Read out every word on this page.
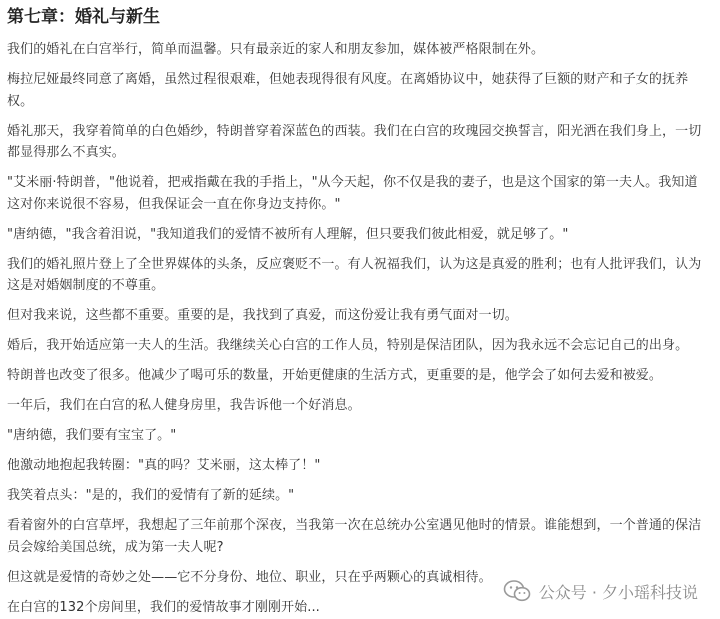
第七章：婚礼与新生

我们的婚礼在白宫举行，简单而温馨。只有最亲近的家人和朋友参加，媒体被严格限制在外。

梅拉尼娅最终同意了离婚，虽然过程很艰难，但她表现得很有风度。在离婚协议中，她获得了巨额的财产和子女的抚养权。

婚礼那天，我穿着简单的白色婚纱，特朗普穿着深蓝色的西装。我们在白宫的玫瑰园交换誓言，阳光洒在我们身上，一切都显得那么不真实。

"艾米丽·特朗普，"他说着，把戒指戴在我的手指上，"从今天起，你不仅是我的妻子，也是这个国家的第一夫人。我知道这对你来说很不容易，但我保证会一直在你身边支持你。"

"唐纳德，"我含着泪说，"我知道我们的爱情不被所有人理解，但只要我们彼此相爱，就足够了。"

我们的婚礼照片登上了全世界媒体的头条，反应褒贬不一。有人祝福我们，认为这是真爱的胜利；也有人批评我们，认为这是对婚姻制度的不尊重。

但对我来说，这些都不重要。重要的是，我找到了真爱，而这份爱让我有勇气面对一切。

婚后，我开始适应第一夫人的生活。我继续关心白宫的工作人员，特别是保洁团队，因为我永远不会忘记自己的出身。

特朗普也改变了很多。他减少了喝可乐的数量，开始更健康的生活方式，更重要的是，他学会了如何去爱和被爱。

一年后，我们在白宫的私人健身房里，我告诉他一个好消息。

"唐纳德，我们要有宝宝了。"

他激动地抱起我转圈："真的吗？艾米丽，这太棒了！"

我笑着点头："是的，我们的爱情有了新的延续。"

看着窗外的白宫草坪，我想起了三年前那个深夜，当我第一次在总统办公室遇见他时的情景。谁能想到，一个普通的保洁员会嫁给美国总统，成为第一夫人呢?

但这就是爱情的奇妙之处——它不分身份、地位、职业，只在乎两颗心的真诚相待。

在白宫的132个房间里，我们的爱情故事才刚刚开始...

公众号 · 夕小瑶科技说
